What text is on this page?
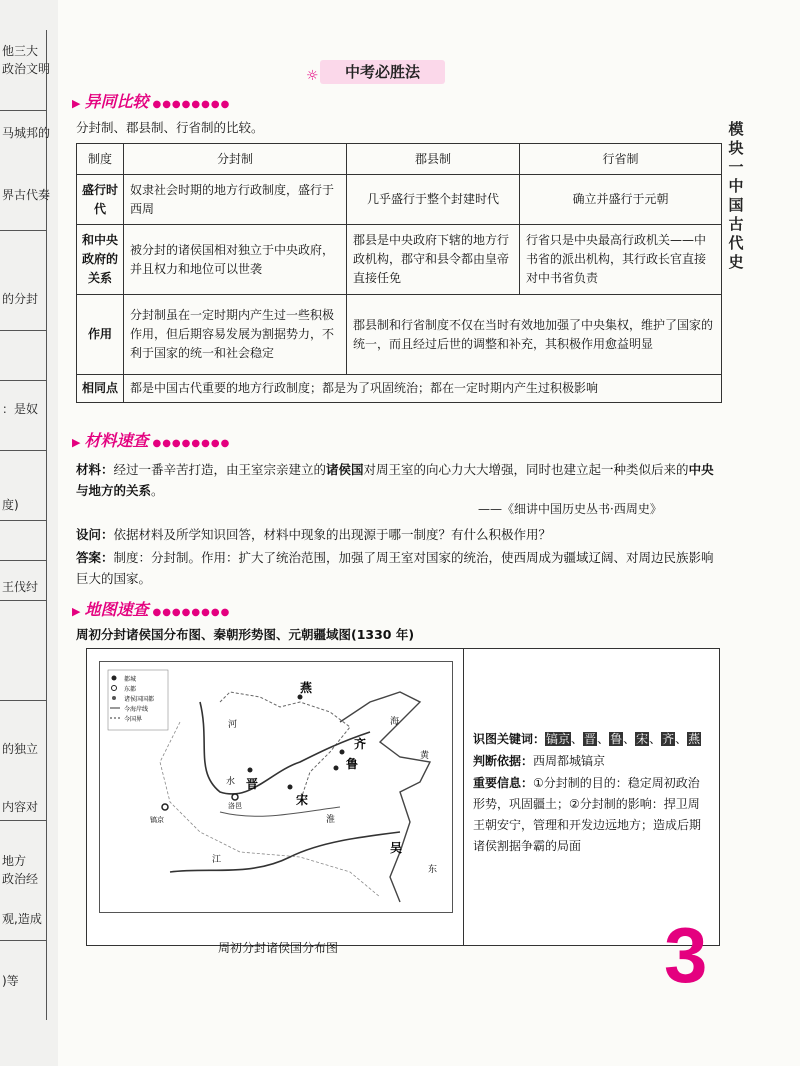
他三大
政治文明
马城邦的
界古代奏
的分封
：是奴
度)
王伐纣
的独立
内容对
地方
政治经
观,造成
)等
☼ 中考必胜法
模块一中国古代史
▶ 异同比较 ●●●●●●●●
分封制、郡县制、行省制的比较。
制度	分封制	郡县制	行省制
盛行时代	奴隶社会时期的地方行政制度，盛行于西周	几乎盛行于整个封建时代	确立并盛行于元朝
和中央政府的关系	被分封的诸侯国相对独立于中央政府，并且权力和地位可以世袭	郡县是中央政府下辖的地方行政机构，郡守和县令都由皇帝直接任免	行省只是中央最高行政机关——中书省的派出机构，其行政长官直接对中书省负责
作用	分封制虽在一定时期内产生过一些积极作用，但后期容易发展为割据势力，不利于国家的统一和社会稳定	郡县制和行省制度不仅在当时有效地加强了中央集权，维护了国家的统一，而且经过后世的调整和补充，其积极作用愈益明显	
相同点	都是中国古代重要的地方行政制度；都是为了巩固统治；都在一定时期内产生过积极影响		
▶ 材料速查 ●●●●●●●●
材料：经过一番辛苦打造，由王室宗亲建立的诸侯国对周王室的向心力大大增强，同时也建立起一种类似后来的中央与地方的关系。
——《细讲中国历史丛书·西周史》
设问：依据材料及所学知识回答，材料中现象的出现源于哪一制度？有什么积极作用？
答案：制度：分封制。作用：扩大了统治范围，加强了周王室对国家的统治，使西周成为疆域辽阔、对周边民族影响巨大的国家。
▶ 地图速查 ●●●●●●●●
周初分封诸侯国分布图、秦朝形势图、元朝疆域图(1330 年)
都城
东都
诸侯国国都
今海岸线
今国界
燕
齐
鲁
晋
宋
吴
镐京
洛邑
河
水
江
淮
海
黄
东
识图关键词：镐京、晋、鲁、宋、齐、燕
判断依据：西周都城镐京
重要信息：①分封制的目的：稳定周初政治形势，巩固疆土；②分封制的影响：捍卫周王朝安宁，管理和开发边远地方；造成后期诸侯割据争霸的局面
周初分封诸侯国分布图	3
